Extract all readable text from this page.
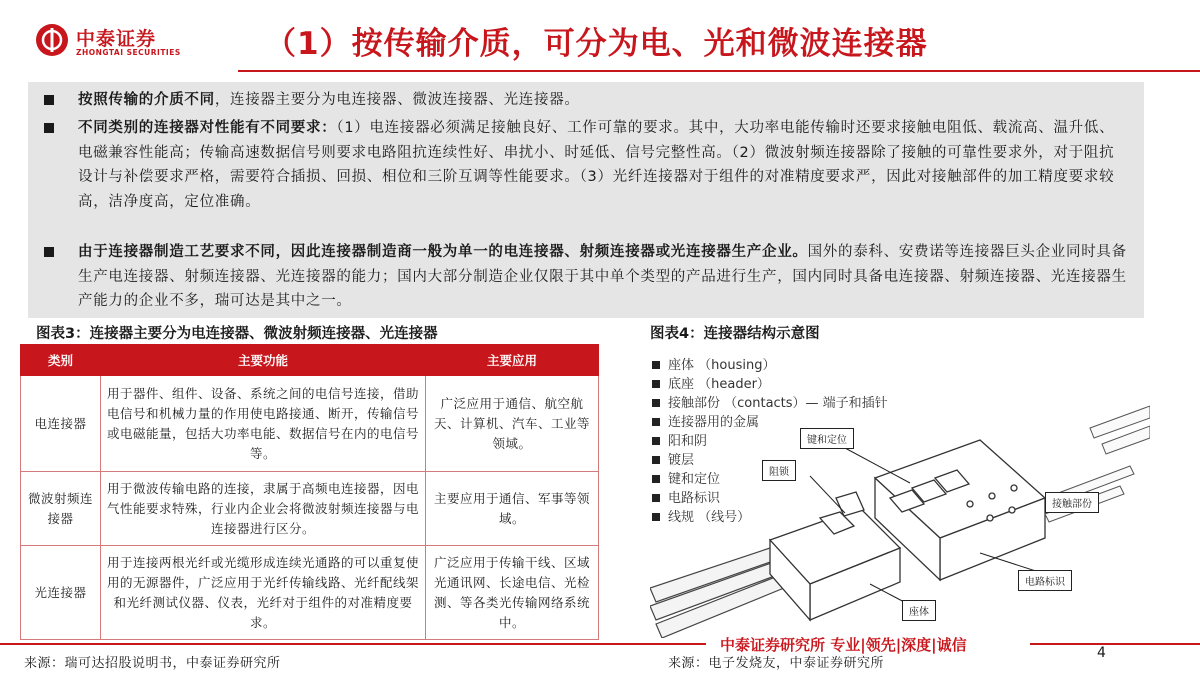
中泰证券
ZHONGTAI SECURITIES	（1）按传输介质，可分为电、光和微波连接器
按照传输的介质不同，连接器主要分为电连接器、微波连接器、光连接器。
不同类别的连接器对性能有不同要求：（1）电连接器必须满足接触良好、工作可靠的要求。其中，大功率电能传输时还要求接触电阻低、载流高、温升低、电磁兼容性能高；传输高速数据信号则要求电路阻抗连续性好、串扰小、时延低、信号完整性高。（2）微波射频连接器除了接触的可靠性要求外，对于阻抗设计与补偿要求严格，需要符合插损、回损、相位和三阶互调等性能要求。（3）光纤连接器对于组件的对准精度要求严，因此对接触部件的加工精度要求较高，洁净度高，定位准确。
由于连接器制造工艺要求不同，因此连接器制造商一般为单一的电连接器、射频连接器或光连接器生产企业。国外的泰科、安费诺等连接器巨头企业同时具备生产电连接器、射频连接器、光连接器的能力；国内大部分制造企业仅限于其中单个类型的产品进行生产，国内同时具备电连接器、射频连接器、光连接器生产能力的企业不多，瑞可达是其中之一。
图表3：连接器主要分为电连接器、微波射频连接器、光连接器
类别	主要功能	主要应用
电连接器	用于器件、组件、设备、系统之间的电信号连接，借助电信号和机械力量的作用使电路接通、断开，传输信号或电磁能量，包括大功率电能、数据信号在内的电信号等。	广泛应用于通信、航空航天、计算机、汽车、工业等领域。
微波射频连接器	用于微波传输电路的连接，隶属于高频电连接器，因电气性能要求特殊，行业内企业会将微波射频连接器与电连接器进行区分。	主要应用于通信、军事等领域。
光连接器	用于连接两根光纤或光缆形成连续光通路的可以重复使用的无源器件，广泛应用于光纤传输线路、光纤配线架和光纤测试仪器、仪表，光纤对于组件的对准精度要求。	广泛应用于传输干线、区域光通讯网、长途电信、光检测、等各类光传输网络系统中。
图表4：连接器结构示意图
座体 （housing）
底座 （header）
接触部份 （contacts）— 端子和插针
连接器用的金属
阳和阴
镀层
键和定位
电路标识
线规 （线号）
键和定位
阻锁
接触部份
电路标识
座体
中泰证券研究所 专业|领先|深度|诚信	4
来源：瑞可达招股说明书，中泰证券研究所	来源：电子发烧友，中泰证券研究所
